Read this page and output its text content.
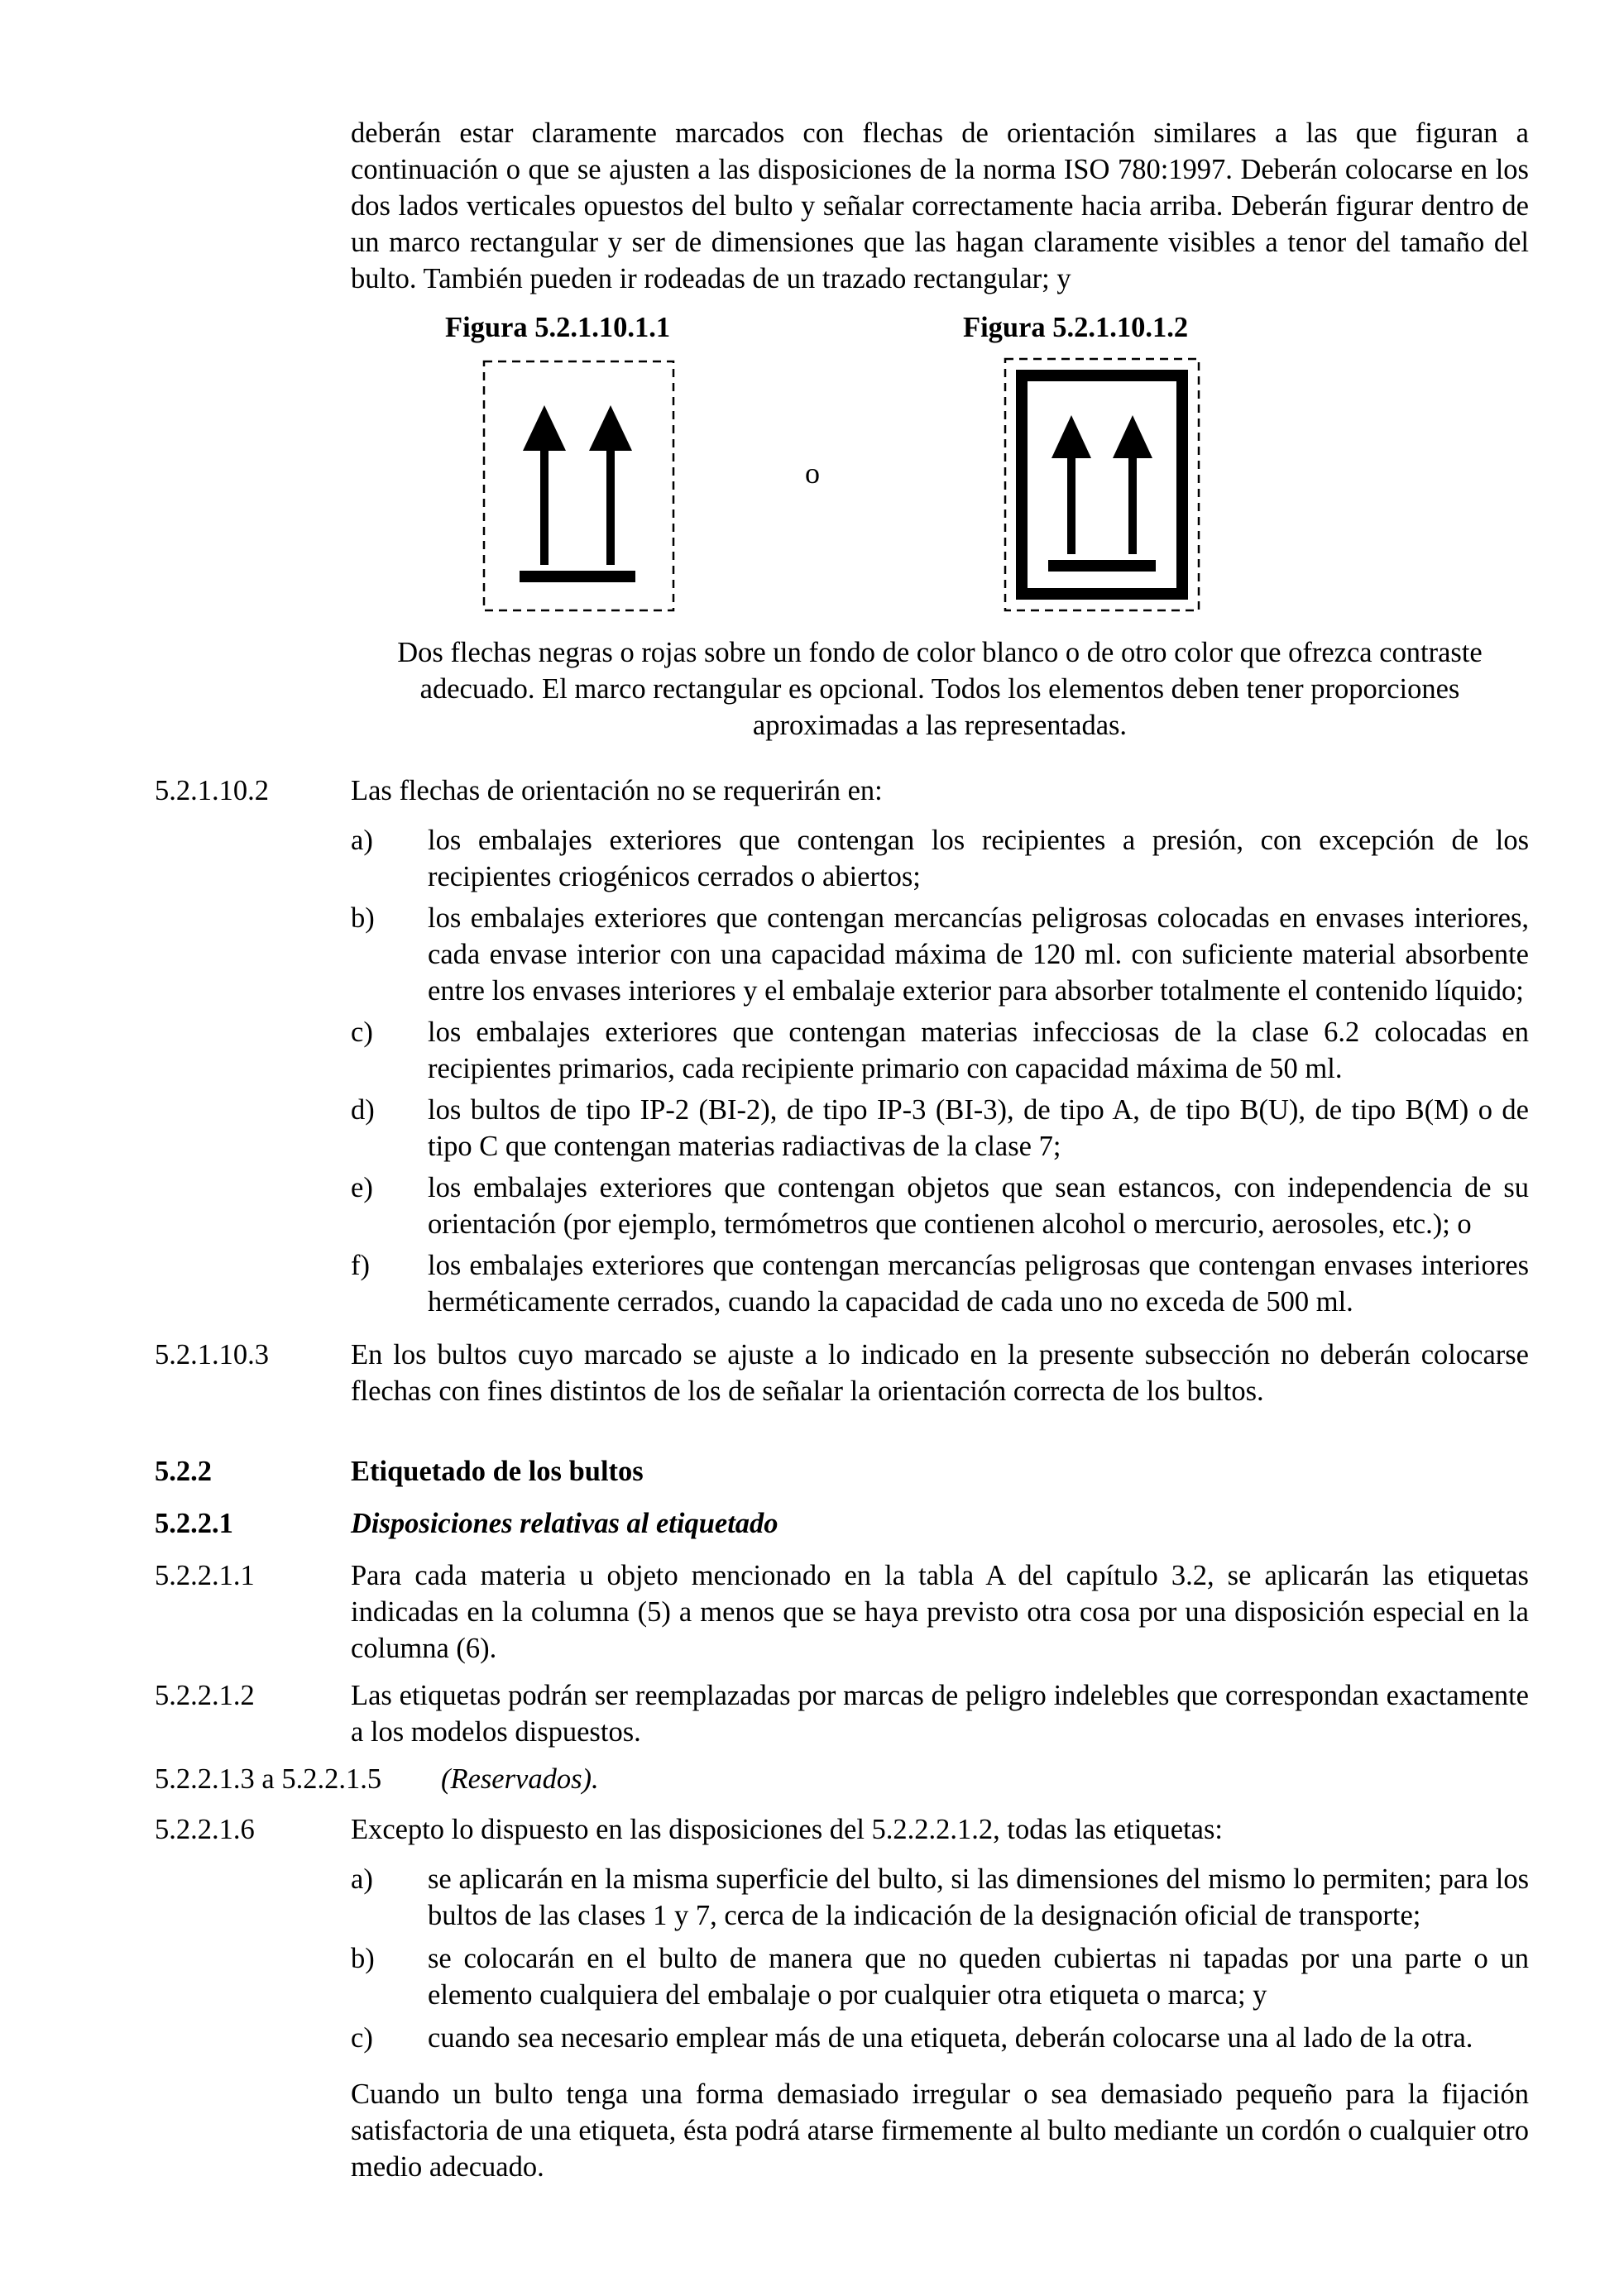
deberán estar claramente marcados con flechas de orientación similares a las que figuran a continuación o que se ajusten a las disposiciones de la norma ISO 780:1997. Deberán colocarse en los dos lados verticales opuestos del bulto y señalar correctamente hacia arriba. Deberán figurar dentro de un marco rectangular y ser de dimensiones que las hagan claramente visibles a tenor del tamaño del bulto. También pueden ir rodeadas de un trazado rectangular; y

Figura 5.2.1.10.1.1	Figura 5.2.1.10.1.2
o

Dos flechas negras o rojas sobre un fondo de color blanco o de otro color que ofrezca contraste adecuado. El marco rectangular es opcional. Todos los elementos deben tener proporciones aproximadas a las representadas.

5.2.1.10.2	Las flechas de orientación no se requerirán en:
a) los embalajes exteriores que contengan los recipientes a presión, con excepción de los recipientes criogénicos cerrados o abiertos;
b) los embalajes exteriores que contengan mercancías peligrosas colocadas en envases interiores, cada envase interior con una capacidad máxima de 120 ml. con suficiente material absorbente entre los envases interiores y el embalaje exterior para absorber totalmente el contenido líquido;
c) los embalajes exteriores que contengan materias infecciosas de la clase 6.2 colocadas en recipientes primarios, cada recipiente primario con capacidad máxima de 50 ml.
d) los bultos de tipo IP-2 (BI-2), de tipo IP-3 (BI-3), de tipo A, de tipo B(U), de tipo B(M) o de tipo C que contengan materias radiactivas de la clase 7;
e) los embalajes exteriores que contengan objetos que sean estancos, con independencia de su orientación (por ejemplo, termómetros que contienen alcohol o mercurio, aerosoles, etc.); o
f) los embalajes exteriores que contengan mercancías peligrosas que contengan envases interiores herméticamente cerrados, cuando la capacidad de cada uno no exceda de 500 ml.
5.2.1.10.3	En los bultos cuyo marcado se ajuste a lo indicado en la presente subsección no deberán colocarse flechas con fines distintos de los de señalar la orientación correcta de los bultos.
5.2.2	Etiquetado de los bultos
5.2.2.1	Disposiciones relativas al etiquetado
5.2.2.1.1	Para cada materia u objeto mencionado en la tabla A del capítulo 3.2, se aplicarán las etiquetas indicadas en la columna (5) a menos que se haya previsto otra cosa por una disposición especial en la columna (6).
5.2.2.1.2	Las etiquetas podrán ser reemplazadas por marcas de peligro indelebles que correspondan exactamente a los modelos dispuestos.
5.2.2.1.3 a 5.2.2.1.5 (Reservados).
5.2.2.1.6	Excepto lo dispuesto en las disposiciones del 5.2.2.2.1.2, todas las etiquetas:
a) se aplicarán en la misma superficie del bulto, si las dimensiones del mismo lo permiten; para los bultos de las clases 1 y 7, cerca de la indicación de la designación oficial de transporte;
b) se colocarán en el bulto de manera que no queden cubiertas ni tapadas por una parte o un elemento cualquiera del embalaje o por cualquier otra etiqueta o marca; y
c) cuando sea necesario emplear más de una etiqueta, deberán colocarse una al lado de la otra.

Cuando un bulto tenga una forma demasiado irregular o sea demasiado pequeño para la fijación satisfactoria de una etiqueta, ésta podrá atarse firmemente al bulto mediante un cordón o cualquier otro medio adecuado.
